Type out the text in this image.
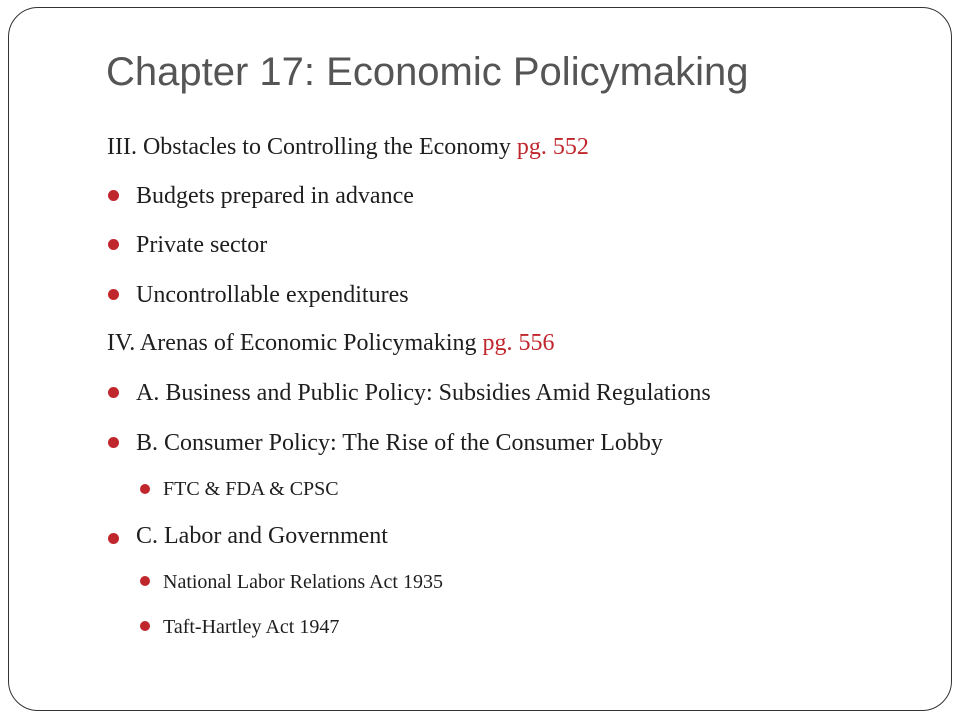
Chapter 17: Economic Policymaking
III. Obstacles to Controlling the Economy pg. 552
Budgets prepared in advance
Private sector
Uncontrollable expenditures
IV. Arenas of Economic Policymaking pg. 556
A. Business and Public Policy: Subsidies Amid Regulations
B. Consumer Policy: The Rise of the Consumer Lobby
FTC & FDA & CPSC
C. Labor and Government
National Labor Relations Act 1935
Taft-Hartley Act 1947
